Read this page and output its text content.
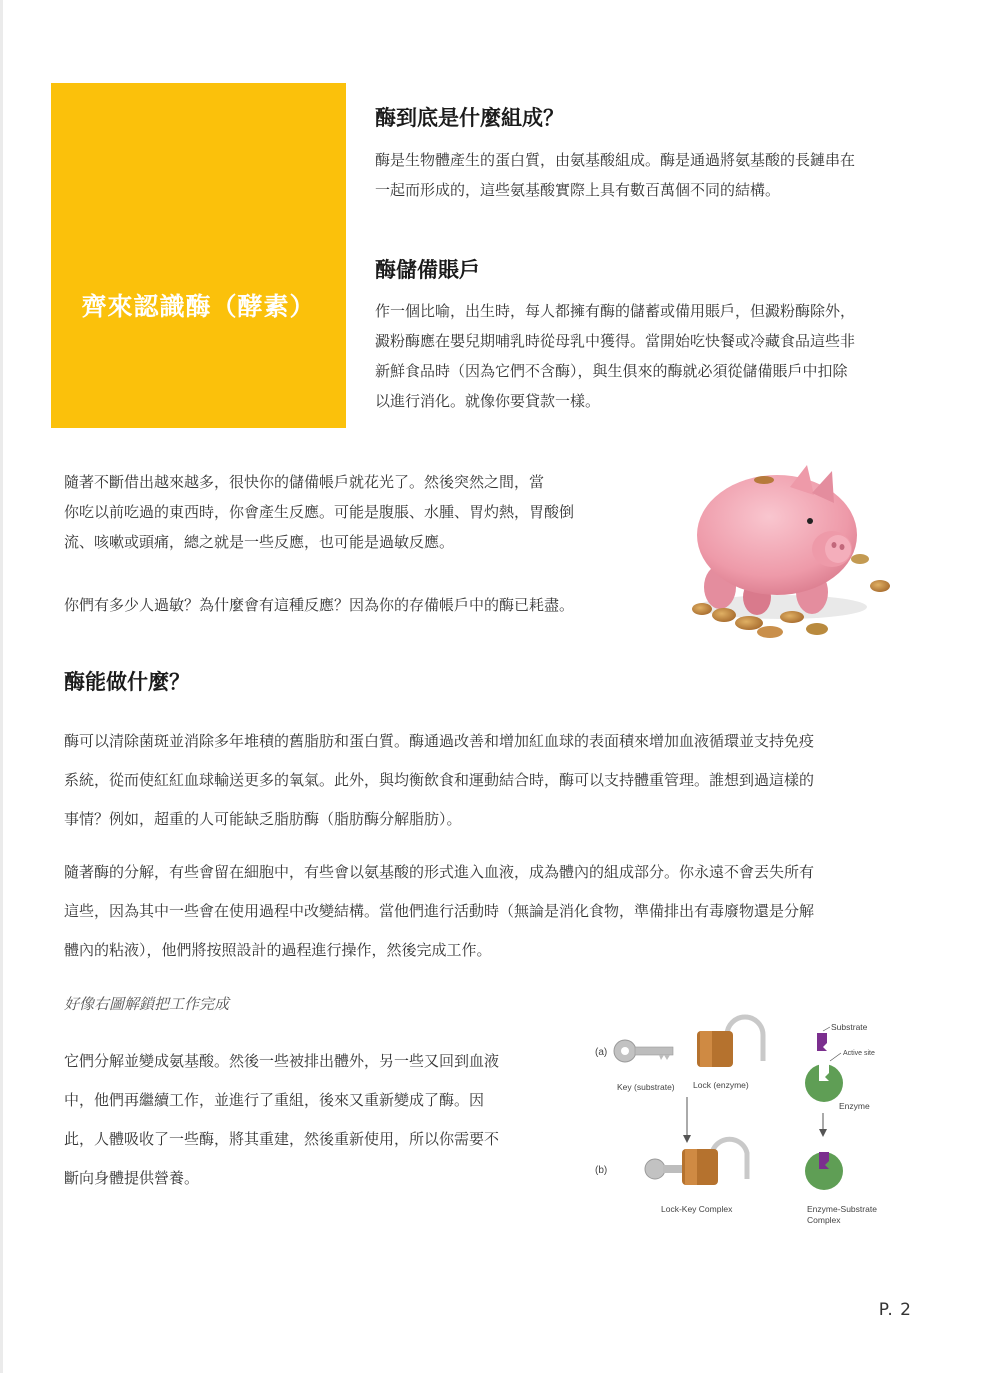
齊來認識酶（酵素）
酶到底是什麼組成？

酶是生物體產生的蛋白質，由氨基酸組成。酶是通過將氨基酸的長鏈串在

一起而形成的，這些氨基酸實際上具有數百萬個不同的結構。

酶儲備賬戶

作一個比喻，出生時，每人都擁有酶的儲蓄或備用賬戶，但澱粉酶除外，

澱粉酶應在嬰兒期哺乳時從母乳中獲得。當開始吃快餐或冷藏食品這些非

新鮮食品時（因為它們不含酶），與生俱來的酶就必須從儲備賬戶中扣除

以進行消化。就像你要貸款一樣。

隨著不斷借出越來越多，很快你的儲備帳戶就花光了。然後突然之間，當

你吃以前吃過的東西時，你會產生反應。可能是腹脹、水腫、胃灼熱，胃酸倒

流、咳嗽或頭痛，總之就是一些反應，也可能是過敏反應。

你們有多少人過敏？為什麼會有這種反應？因為你的存備帳戶中的酶已耗盡。
酶能做什麼？

酶可以清除菌斑並消除多年堆積的舊脂肪和蛋白質。酶通過改善和增加紅血球的表面積來增加血液循環並支持免疫

系統，從而使紅紅血球輸送更多的氧氣。此外，與均衡飲食和運動結合時，酶可以支持體重管理。誰想到過這樣的

事情？例如，超重的人可能缺乏脂肪酶（脂肪酶分解脂肪）。

隨著酶的分解，有些會留在細胞中，有些會以氨基酸的形式進入血液，成為體內的組成部分。你永遠不會丟失所有

這些，因為其中一些會在使用過程中改變結構。當他們進行活動時（無論是消化食物，準備排出有毒廢物還是分解

體內的粘液），他們將按照設計的過程進行操作，然後完成工作。

好像右圖解鎖把工作完成

它們分解並變成氨基酸。然後一些被排出體外，另一些又回到血液

中，他們再繼續工作，並進行了重組，後來又重新變成了酶。因

此，人體吸收了一些酶，將其重建，然後重新使用，所以你需要不

斷向身體提供營養。

(a)
Key (substrate) Lock (enzyme)
(b)
Lock-Key Complex
Substrate
Active site
Enzyme
Enzyme-Substrate
Complex
P. 2
